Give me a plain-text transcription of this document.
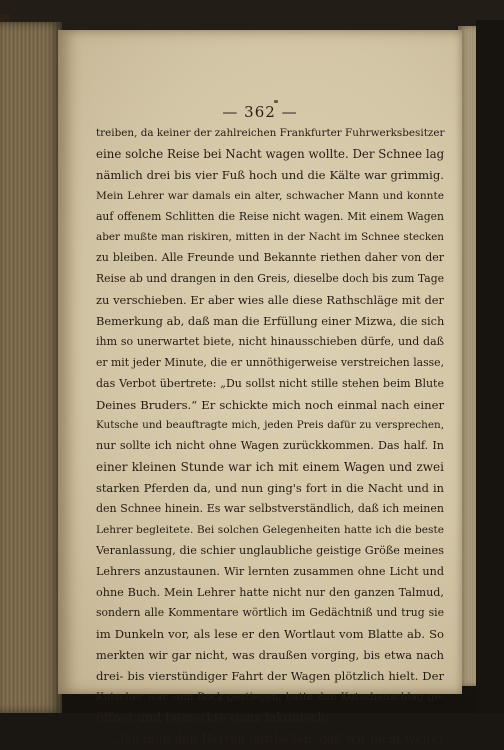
— 362 —
treiben, da keiner der zahlreichen Frankfurter Fuhrwerksbesitzer
eine solche Reise bei Nacht wagen wollte. Der Schnee lag
nämlich drei bis vier Fuß hoch und die Kälte war grimmig.
Mein Lehrer war damals ein alter, schwacher Mann und konnte
auf offenem Schlitten die Reise nicht wagen. Mit einem Wagen
aber mußte man riskiren, mitten in der Nacht im Schnee stecken
zu bleiben. Alle Freunde und Bekannte riethen daher von der
Reise ab und drangen in den Greis, dieselbe doch bis zum Tage
zu verschieben. Er aber wies alle diese Rathschläge mit der
Bemerkung ab, daß man die Erfüllung einer Mizwa, die sich
ihm so unerwartet biete, nicht hinausschieben dürfe, und daß
er mit jeder Minute, die er unnöthigerweise verstreichen lasse,
das Verbot übertrete: „Du sollst nicht stille stehen beim Blute
Deines Bruders.“ Er schickte mich noch einmal nach einer
Kutsche und beauftragte mich, jeden Preis dafür zu versprechen,
nur sollte ich nicht ohne Wagen zurückkommen. Das half. In
einer kleinen Stunde war ich mit einem Wagen und zwei
starken Pferden da, und nun ging's fort in die Nacht und in
den Schnee hinein. Es war selbstverständlich, daß ich meinen
Lehrer begleitete. Bei solchen Gelegenheiten hatte ich die beste
Veranlassung, die schier unglaubliche geistige Größe meines
Lehrers anzustaunen. Wir lernten zusammen ohne Licht und
ohne Buch. Mein Lehrer hatte nicht nur den ganzen Talmud,
sondern alle Kommentare wörtlich im Gedächtniß und trug sie
im Dunkeln vor, als lese er den Wortlaut vom Blatte ab. So
merkten wir gar nicht, was draußen vorging, bis etwa nach
drei- bis vierstündiger Fahrt der Wagen plötzlich hielt. Der
Kutscher war vom Bock gestiegen, hatte den Kutschenschlag ge-
öffnet und bemerkte ganz lakonisch:
„Ich muß den Herren mittheilen, daß wir nicht weiter
